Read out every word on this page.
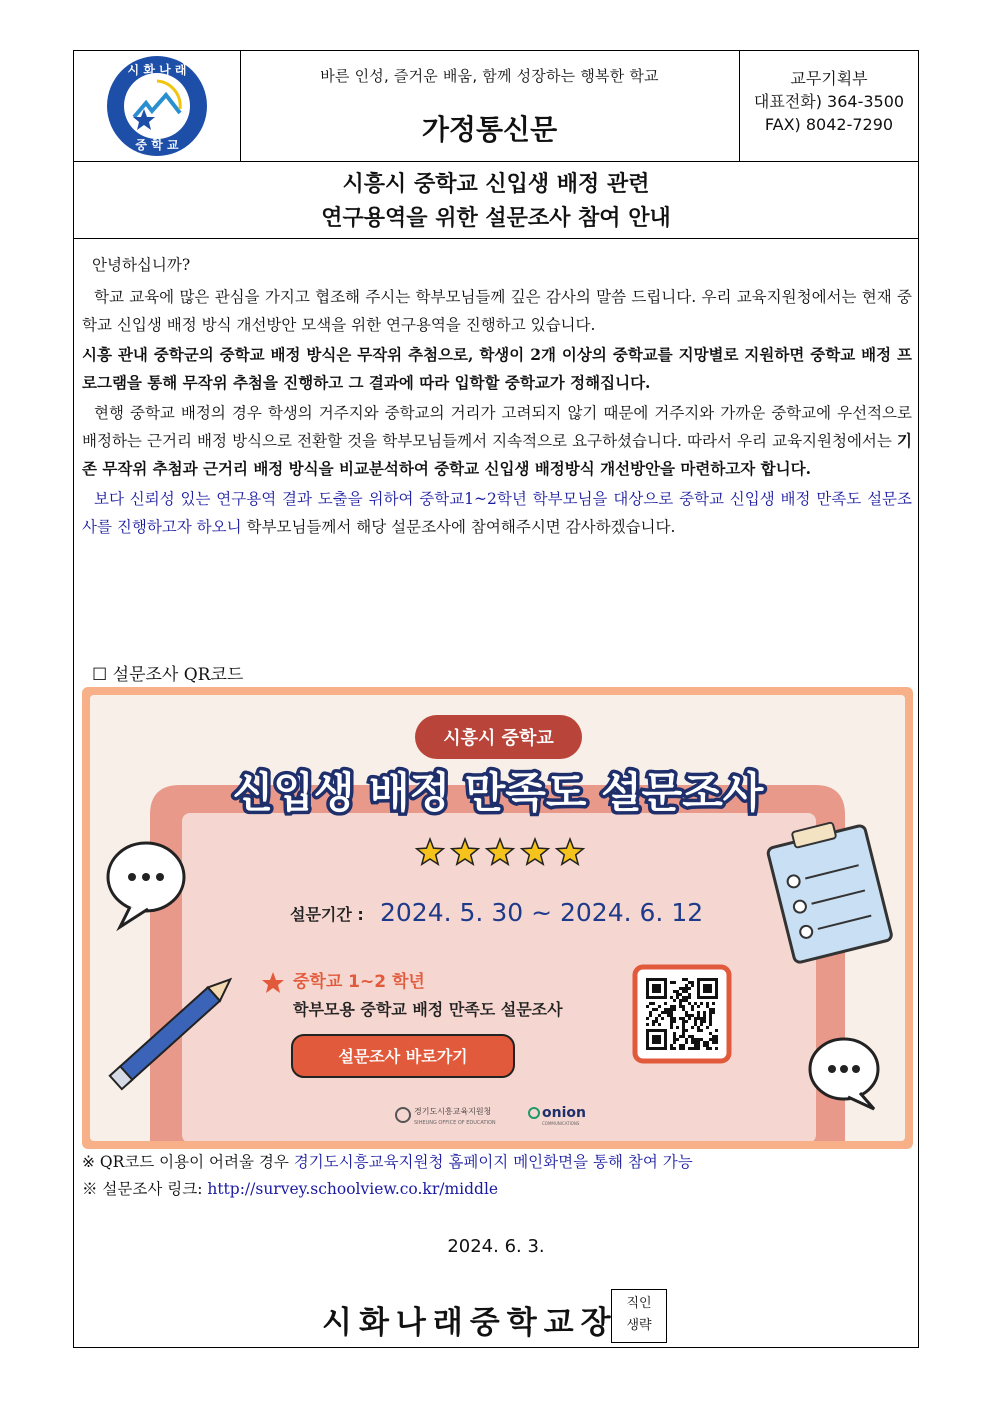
시 화 나 래
중 학 교
바른 인성, 즐거운 배움, 함께 성장하는 행복한 학교
가정통신문
교무기획부
대표전화) 364-3500
FAX) 8042-7290
시흥시 중학교 신입생 배정 관련
연구용역을 위한 설문조사 참여 안내

안녕하십니까?

학교 교육에 많은 관심을 가지고 협조해 주시는 학부모님들께 깊은 감사의 말씀 드립니다. 우리 교육지원청에서는 현재 중학교 신입생 배정 방식 개선방안 모색을 위한 연구용역을 진행하고 있습니다.

시흥 관내 중학군의 중학교 배정 방식은 무작위 추첨으로, 학생이 2개 이상의 중학교를 지망별로 지원하면 중학교 배정 프로그램을 통해 무작위 추첨을 진행하고 그 결과에 따라 입학할 중학교가 정해집니다.

현행 중학교 배정의 경우 학생의 거주지와 중학교의 거리가 고려되지 않기 때문에 거주지와 가까운 중학교에 우선적으로 배정하는 근거리 배정 방식으로 전환할 것을 학부모님들께서 지속적으로 요구하셨습니다. 따라서 우리 교육지원청에서는 기존 무작위 추첨과 근거리 배정 방식을 비교분석하여 중학교 신입생 배정방식 개선방안을 마련하고자 합니다.

보다 신뢰성 있는 연구용역 결과 도출을 위하여 중학교1~2학년 학부모님을 대상으로 중학교 신입생 배정 만족도 설문조사를 진행하고자 하오니 학부모님들께서 해당 설문조사에 참여해주시면 감사하겠습니다.

☐ 설문조사 QR코드
시흥시 중학교
신입생 배정 만족도 설문조사
설문기간 : 2024. 5. 30 ~ 2024. 6. 12
중학교 1~2 학년
학부모용 중학교 배정 만족도 설문조사
설문조사 바로가기
경기도시흥교육지원청
SIHEUNG OFFICE OF EDUCATION
onion
COMMUNICATIONS
※ QR코드 이용이 어려울 경우 경기도시흥교육지원청 홈페이지 메인화면을 통해 참여 가능
※ 설문조사 링크: http://survey.schoolview.co.kr/middle
2024. 6. 3.
시화나래중학교장
직인
생략
